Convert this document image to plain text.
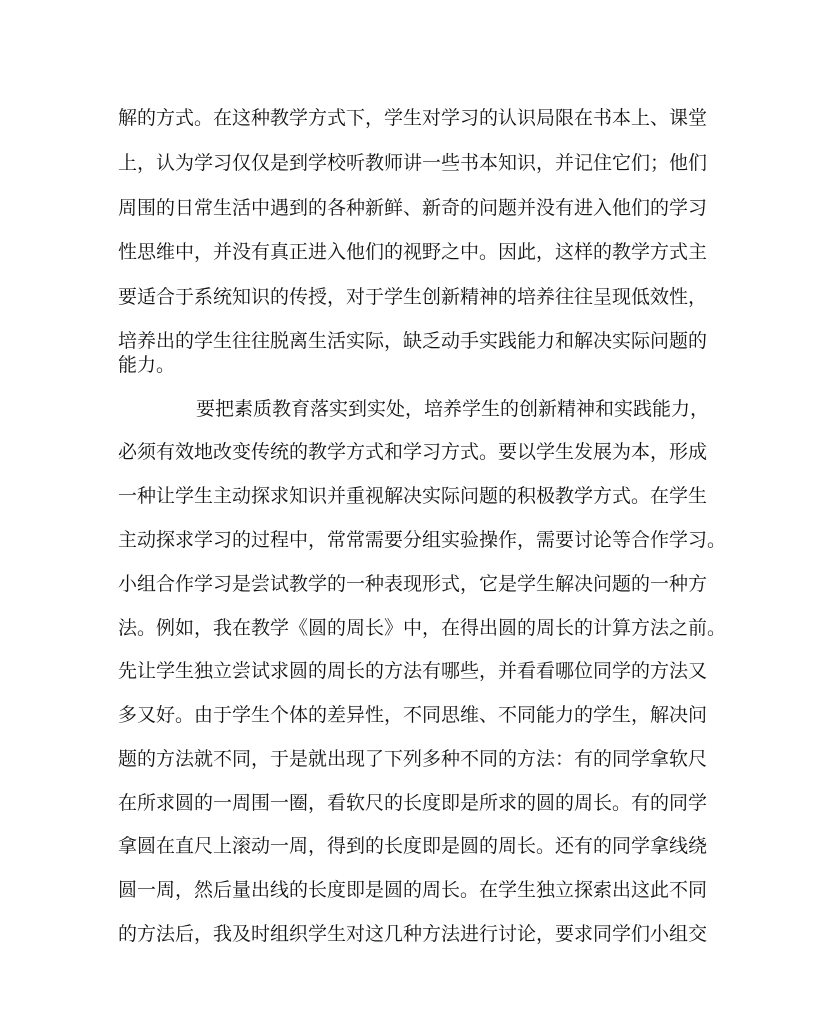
解的方式。在这种教学方式下，学生对学习的认识局限在书本上、课堂
上，认为学习仅仅是到学校听教师讲一些书本知识，并记住它们；他们
周围的日常生活中遇到的各种新鲜、新奇的问题并没有进入他们的学习
性思维中，并没有真正进入他们的视野之中。因此，这样的教学方式主
要适合于系统知识的传授，对于学生创新精神的培养往往呈现低效性，
培养出的学生往往脱离生活实际，缺乏动手实践能力和解决实际问题的
能力。
要把素质教育落实到实处，培养学生的创新精神和实践能力，
必须有效地改变传统的教学方式和学习方式。要以学生发展为本，形成
一种让学生主动探求知识并重视解决实际问题的积极教学方式。在学生
主动探求学习的过程中，常常需要分组实验操作，需要讨论等合作学习。
小组合作学习是尝试教学的一种表现形式，它是学生解决问题的一种方
法。例如，我在教学《圆的周长》中，在得出圆的周长的计算方法之前。
先让学生独立尝试求圆的周长的方法有哪些，并看看哪位同学的方法又
多又好。由于学生个体的差异性，不同思维、不同能力的学生，解决问
题的方法就不同，于是就出现了下列多种不同的方法：有的同学拿软尺
在所求圆的一周围一圈，看软尺的长度即是所求的圆的周长。有的同学
拿圆在直尺上滚动一周，得到的长度即是圆的周长。还有的同学拿线绕
圆一周，然后量出线的长度即是圆的周长。在学生独立探索出这此不同
的方法后，我及时组织学生对这几种方法进行讨论，要求同学们小组交
